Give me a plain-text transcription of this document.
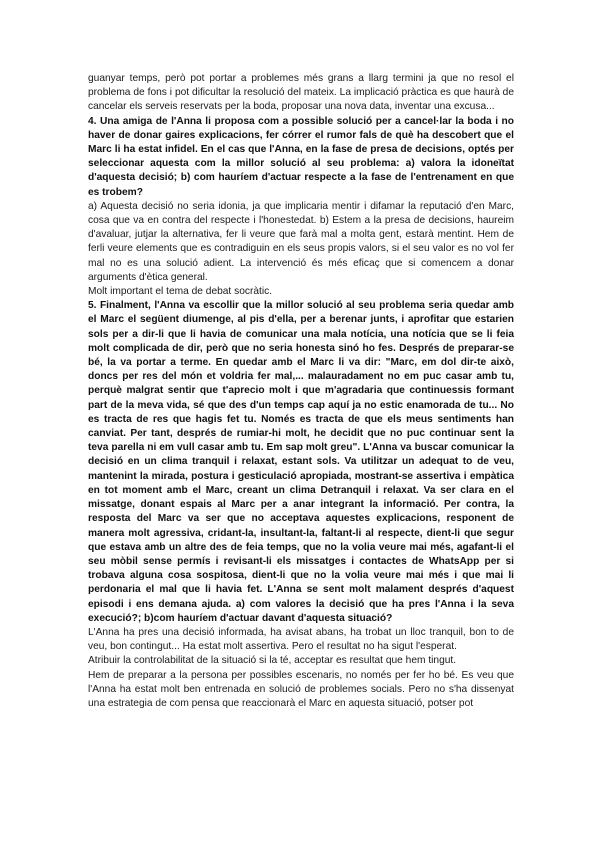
guanyar temps, però pot portar a problemes més grans a llarg termini ja que no resol el problema de fons i pot dificultar la resolució del mateix. La implicació pràctica es que haurà de cancelar els serveis reservats per la boda, proposar una nova data, inventar una excusa...

4. Una amiga de l'Anna li proposa com a possible solució per a cancel·lar la boda i no haver de donar gaires explicacions, fer córrer el rumor fals de què ha descobert que el Marc li ha estat infidel. En el cas que l'Anna, en la fase de presa de decisions, optés per seleccionar aquesta com la millor solució al seu problema: a) valora la idoneïtat d'aquesta decisió; b) com hauríem d'actuar respecte a la fase de l'entrenament en que es trobem?

a) Aquesta decisió no seria idonia, ja que implicaria mentir i difamar la reputació d'en Marc, cosa que va en contra del respecte i l'honestedat. b) Estem a la presa de decisions, haureim d'avaluar, jutjar la alternativa, fer li veure que farà mal a molta gent, estarà mentint. Hem de ferli veure elements que es contradiguin en els seus propis valors, si el seu valor es no vol fer mal no es una solució adient. La intervenció és més eficaç que si comencem a donar arguments d'ètica general.

Molt important el tema de debat socràtic.

5. Finalment, l'Anna va escollir que la millor solució al seu problema seria quedar amb el Marc el següent diumenge, al pis d'ella, per a berenar junts, i aprofitar que estarien sols per a dir-li que li havia de comunicar una mala notícia, una notícia que se li feia molt complicada de dir, però que no seria honesta sinó ho fes. Després de preparar-se bé, la va portar a terme. En quedar amb el Marc li va dir: "Marc, em dol dir-te això, doncs per res del món et voldria fer mal,... malauradament no em puc casar amb tu, perquè malgrat sentir que t'aprecio molt i que m'agradaria que continuessis formant part de la meva vida, sé que des d'un temps cap aquí ja no estic enamorada de tu... No es tracta de res que hagis fet tu. Només es tracta de que els meus sentiments han canviat. Per tant, després de rumiar-hi molt, he decidit que no puc continuar sent la teva parella ni em vull casar amb tu. Em sap molt greu". L'Anna va buscar comunicar la decisió en un clima tranquil i relaxat, estant sols. Va utilitzar un adequat to de veu, mantenint la mirada, postura i gesticulació apropiada, mostrant-se assertiva i empàtica en tot moment amb el Marc, creant un clima Detranquil i relaxat. Va ser clara en el missatge, donant espais al Marc per a anar integrant la informació. Per contra, la resposta del Marc va ser que no acceptava aquestes explicacions, responent de manera molt agressiva, cridant-la, insultant-la, faltant-li al respecte, dient-li que segur que estava amb un altre des de feia temps, que no la volia veure mai més, agafant-li el seu mòbil sense permís i revisant-li els missatges i contactes de WhatsApp per si trobava alguna cosa sospitosa, dient-li que no la volia veure mai més i que mai li perdonaria el mal que li havia fet. L'Anna se sent molt malament després d'aquest episodi i ens demana ajuda. a) com valores la decisió que ha pres l'Anna i la seva execució?; b)com hauríem d'actuar davant d'aquesta situació?

L'Anna ha pres una decisió informada, ha avisat abans, ha trobat un lloc tranquil, bon to de veu, bon contingut... Ha estat molt assertiva. Pero el resultat no ha sigut l'esperat.

Atribuir la controlabilitat de la situació si la té, acceptar es resultat que hem tingut.

Hem de preparar a la persona per possibles escenaris, no només per fer ho bé. Es veu que l'Anna ha estat molt ben entrenada en solució de problemes socials. Pero no s'ha dissenyat una estrategia de com pensa que reaccionarà el Marc en aquesta situació, potser pot
